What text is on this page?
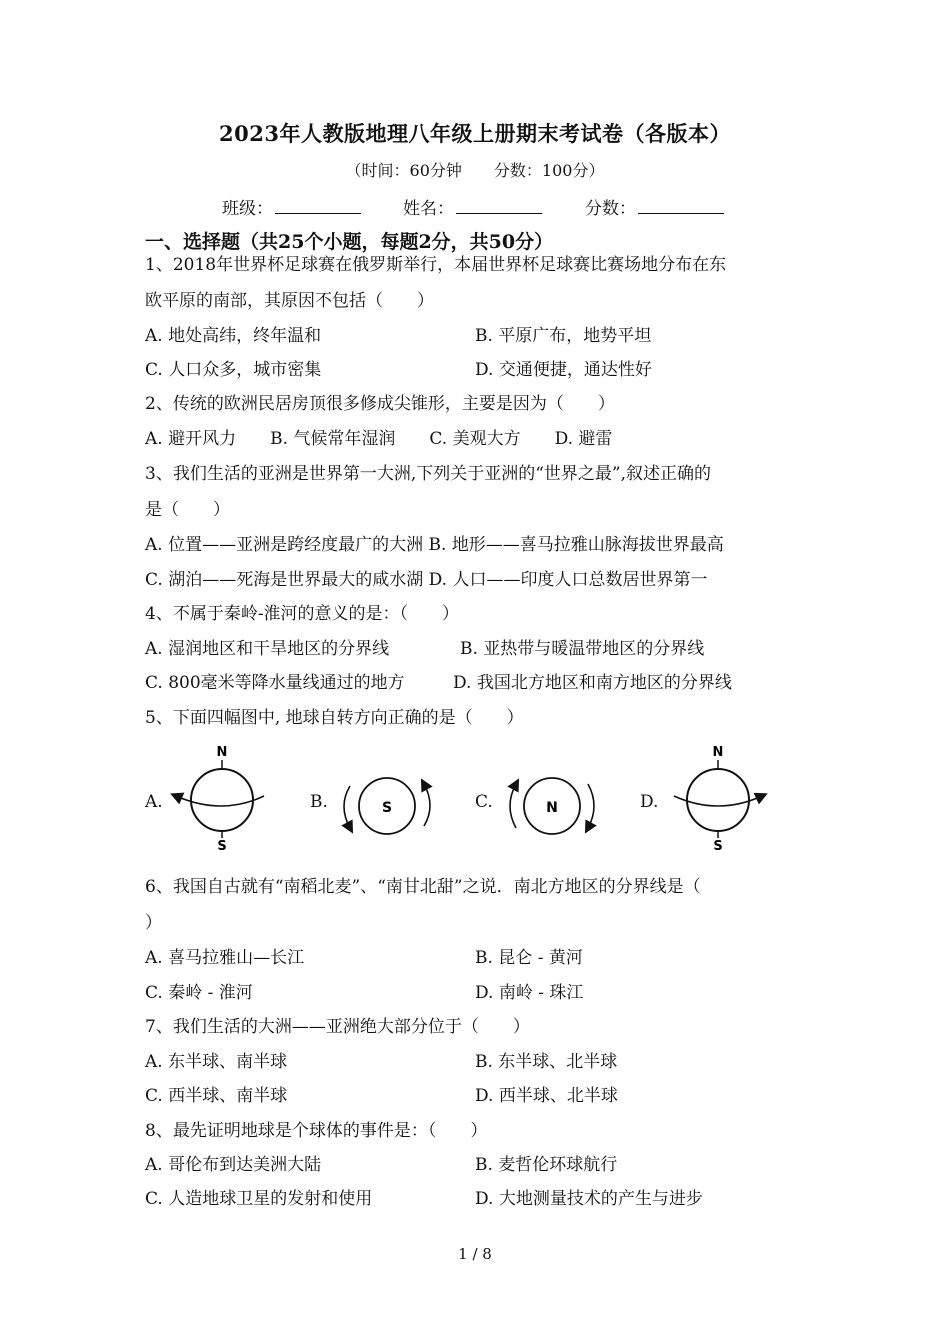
2023年人教版地理八年级上册期末考试卷（各版本）
（时间：60分钟　　分数：100分）
班级：	姓名：	分数：
一、选择题（共25个小题，每题2分，共50分）
1、2018年世界杯足球赛在俄罗斯举行，本届世界杯足球赛比赛场地分布在东
欧平原的南部，其原因不包括（　　）
A. 地处高纬，终年温和	B. 平原广布，地势平坦
C. 人口众多，城市密集	D. 交通便捷，通达性好
2、传统的欧洲民居房顶很多修成尖锥形，主要是因为（　　）
A. 避开风力　　B. 气候常年湿润　　C. 美观大方　　D. 避雷
3、我们生活的亚洲是世界第一大洲,下列关于亚洲的“世界之最”,叙述正确的
是（　　）
A. 位置——亚洲是跨经度最广的大洲 B. 地形——喜马拉雅山脉海拔世界最高
C. 湖泊——死海是世界最大的咸水湖 D. 人口——印度人口总数居世界第一
4、不属于秦岭-淮河的意义的是：（　　）
A. 湿润地区和干旱地区的分界线	B. 亚热带与暖温带地区的分界线
C. 800毫米等降水量线通过的地方	D. 我国北方地区和南方地区的分界线
5、下面四幅图中, 地球自转方向正确的是（　　）
A.	B.	C.	D.
N
S
S	N
N
S
6、我国自古就有“南稻北麦”、“南甘北甜”之说．南北方地区的分界线是（
）
A. 喜马拉雅山—长江	B. 昆仑 - 黄河
C. 秦岭 - 淮河	D. 南岭 - 珠江
7、我们生活的大洲——亚洲绝大部分位于（　　）
A. 东半球、南半球	B. 东半球、北半球
C. 西半球、南半球	D. 西半球、北半球
8、最先证明地球是个球体的事件是：（　　）
A. 哥伦布到达美洲大陆	B. 麦哲伦环球航行
C. 人造地球卫星的发射和使用	D. 大地测量技术的产生与进步
1 / 8
